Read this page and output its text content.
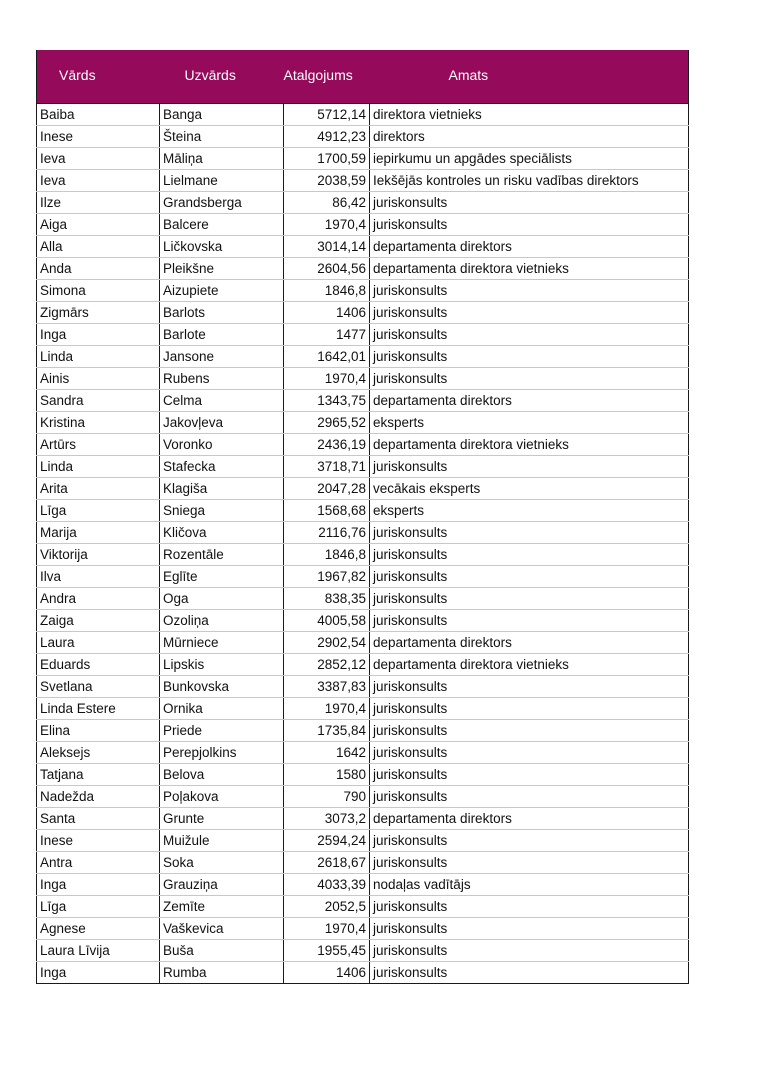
Vārds	Uzvārds	Atalgojums	Amats
Baiba	Banga	5712,14	direktora vietnieks
Inese	Šteina	4912,23	direktors
Ieva	Māliņa	1700,59	iepirkumu un apgādes speciālists
Ieva	Lielmane	2038,59	Iekšējās kontroles un risku vadības direktors
Ilze	Grandsberga	86,42	juriskonsults
Aiga	Balcere	1970,4	juriskonsults
Alla	Ličkovska	3014,14	departamenta direktors
Anda	Pleikšne	2604,56	departamenta direktora vietnieks
Simona	Aizupiete	1846,8	juriskonsults
Zigmārs	Barlots	1406	juriskonsults
Inga	Barlote	1477	juriskonsults
Linda	Jansone	1642,01	juriskonsults
Ainis	Rubens	1970,4	juriskonsults
Sandra	Celma	1343,75	departamenta direktors
Kristina	Jakovļeva	2965,52	eksperts
Artūrs	Voronko	2436,19	departamenta direktora vietnieks
Linda	Stafecka	3718,71	juriskonsults
Arita	Klagiša	2047,28	vecākais eksperts
Līga	Sniega	1568,68	eksperts
Marija	Kličova	2116,76	juriskonsults
Viktorija	Rozentāle	1846,8	juriskonsults
Ilva	Eglīte	1967,82	juriskonsults
Andra	Oga	838,35	juriskonsults
Zaiga	Ozoliņa	4005,58	juriskonsults
Laura	Mūrniece	2902,54	departamenta direktors
Eduards	Lipskis	2852,12	departamenta direktora vietnieks
Svetlana	Bunkovska	3387,83	juriskonsults
Linda Estere	Ornika	1970,4	juriskonsults
Elina	Priede	1735,84	juriskonsults
Aleksejs	Perepjolkins	1642	juriskonsults
Tatjana	Belova	1580	juriskonsults
Nadežda	Poļakova	790	juriskonsults
Santa	Grunte	3073,2	departamenta direktors
Inese	Muižule	2594,24	juriskonsults
Antra	Soka	2618,67	juriskonsults
Inga	Grauziņa	4033,39	nodaļas vadītājs
Līga	Zemīte	2052,5	juriskonsults
Agnese	Vaškevica	1970,4	juriskonsults
Laura Līvija	Buša	1955,45	juriskonsults
Inga	Rumba	1406	juriskonsults
